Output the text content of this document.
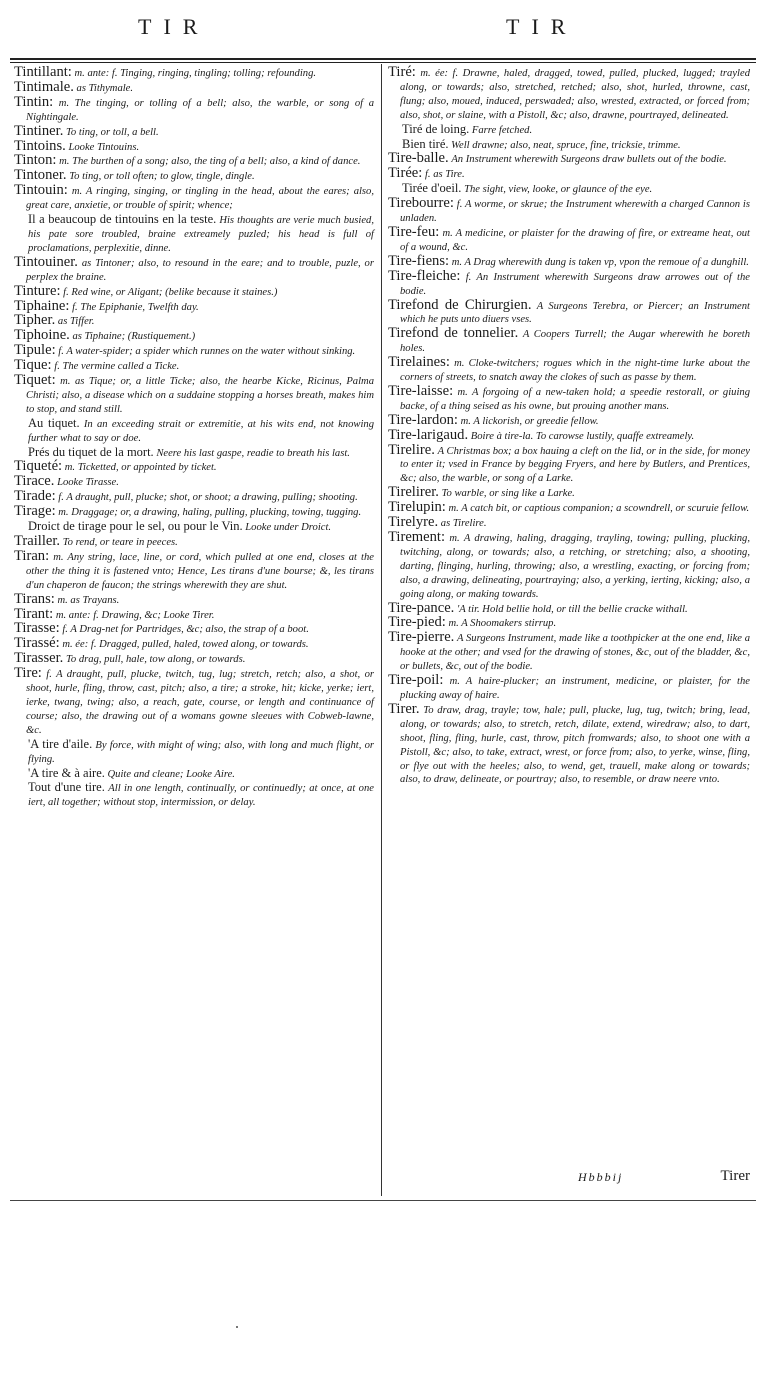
TIR	TIR

Tintillant: m. ante: f. Tinging, ringing, tingling; tolling; refounding.

Tintimale. as Tithymale.

Tintin: m. The tinging, or tolling of a bell; also, the warble, or song of a Nightingale.

Tintiner. To ting, or toll, a bell.

Tintoins. Looke Tintouins.

Tinton: m. The burthen of a song; also, the ting of a bell; also, a kind of dance.

Tintoner. To ting, or toll often; to glow, tingle, dingle.

Tintouin: m. A ringing, singing, or tingling in the head, about the eares; also, great care, anxietie, or trouble of spirit; whence;

Il a beaucoup de tintouins en la teste. His thoughts are verie much busied, his pate sore troubled, braine extreamely puzled; his head is full of proclamations, perplexitie, dinne.

Tintouiner. as Tintoner; also, to resound in the eare; and to trouble, puzle, or perplex the braine.

Tinture: f. Red wine, or Aligant; (belike because it staines.)

Tiphaine: f. The Epiphanie, Twelfth day.

Tipher. as Tiffer.

Tiphoine. as Tiphaine; (Rustiquement.)

Tipule: f. A water-spider; a spider which runnes on the water without sinking.

Tique: f. The vermine called a Ticke.

Tiquet: m. as Tique; or, a little Ticke; also, the hearbe Kicke, Ricinus, Palma Christi; also, a disease which on a suddaine stopping a horses breath, makes him to stop, and stand still.

Au tiquet. In an exceeding strait or extremitie, at his wits end, not knowing further what to say or doe.

Prés du tiquet de la mort. Neere his last gaspe, readie to breath his last.

Tiqueté: m. Ticketted, or appointed by ticket.

Tirace. Looke Tirasse.

Tirade: f. A draught, pull, plucke; shot, or shoot; a drawing, pulling; shooting.

Tirage: m. Draggage; or, a drawing, haling, pulling, plucking, towing, tugging.

Droict de tirage pour le sel, ou pour le Vin. Looke under Droict.

Trailler. To rend, or teare in peeces.

Tiran: m. Any string, lace, line, or cord, which pulled at one end, closes at the other the thing it is fastened vnto; Hence, Les tirans d'une bourse; &, les tirans d'un chaperon de faucon; the strings wherewith they are shut.

Tirans: m. as Trayans.

Tirant: m. ante: f. Drawing, &c; Looke Tirer.

Tirasse: f. A Drag-net for Partridges, &c; also, the strap of a boot.

Tirassé: m. ée: f. Dragged, pulled, haled, towed along, or towards.

Tirasser. To drag, pull, hale, tow along, or towards.

Tire: f. A draught, pull, plucke, twitch, tug, lug; stretch, retch; also, a shot, or shoot, hurle, fling, throw, cast, pitch; also, a tire; a stroke, hit; kicke, yerke; iert, ierke, twang, twing; also, a reach, gate, course, or length and continuance of course; also, the drawing out of a womans gowne sleeues with Cobweb-lawne, &c.

'A tire d'aile. By force, with might of wing; also, with long and much flight, or flying.

'A tire & à aire. Quite and cleane; Looke Aire.

Tout d'une tire. All in one length, continually, or continuedly; at once, at one iert, all together; without stop, intermission, or delay.

Tiré: m. ée: f. Drawne, haled, dragged, towed, pulled, plucked, lugged; trayled along, or towards; also, stretched, retched; also, shot, hurled, throwne, cast, flung; also, moued, induced, perswaded; also, wrested, extracted, or forced from; also, shot, or slaine, with a Pistoll, &c; also, drawne, pourtrayed, delineated.

Tiré de loing. Farre fetched.

Bien tiré. Well drawne; also, neat, spruce, fine, tricksie, trimme.

Tire-balle. An Instrument wherewith Surgeons draw bullets out of the bodie.

Tirée: f. as Tire.

Tirée d'oeil. The sight, view, looke, or glaunce of the eye.

Tirebourre: f. A worme, or skrue; the Instrument wherewith a charged Cannon is unladen.

Tire-feu: m. A medicine, or plaister for the drawing of fire, or extreame heat, out of a wound, &c.

Tire-fiens: m. A Drag wherewith dung is taken vp, vpon the remoue of a dunghill.

Tire-fleiche: f. An Instrument wherewith Surgeons draw arrowes out of the bodie.

Tirefond de Chirurgien. A Surgeons Terebra, or Piercer; an Instrument which he puts unto diuers vses.

Tirefond de tonnelier. A Coopers Turrell; the Augar wherewith he boreth holes.

Tirelaines: m. Cloke-twitchers; rogues which in the night-time lurke about the corners of streets, to snatch away the clokes of such as passe by them.

Tire-laisse: m. A forgoing of a new-taken hold; a speedie restorall, or giuing backe, of a thing seised as his owne, but prouing another mans.

Tire-lardon: m. A lickorish, or greedie fellow.

Tire-larigaud. Boire à tire-la. To carowse lustily, quaffe extreamely.

Tirelire. A Christmas box; a box hauing a cleft on the lid, or in the side, for money to enter it; vsed in France by begging Fryers, and here by Butlers, and Prentices, &c; also, the warble, or song of a Larke.

Tirelirer. To warble, or sing like a Larke.

Tirelupin: m. A catch bit, or captious companion; a scowndrell, or scuruie fellow.

Tirelyre. as Tirelire.

Tirement: m. A drawing, haling, dragging, trayling, towing; pulling, plucking, twitching, along, or towards; also, a retching, or stretching; also, a shooting, darting, flinging, hurling, throwing; also, a wrestling, exacting, or forcing from; also, a drawing, delineating, pourtraying; also, a yerking, ierting, kicking; also, a going along, or making towards.

Tire-pance. 'A tir. Hold bellie hold, or till the bellie cracke withall.

Tire-pied: m. A Shoomakers stirrup.

Tire-pierre. A Surgeons Instrument, made like a toothpicker at the one end, like a hooke at the other; and vsed for the drawing of stones, &c, out of the bladder, &c, or bullets, &c, out of the bodie.

Tire-poil: m. A haire-plucker; an instrument, medicine, or plaister, for the plucking away of haire.

Tirer. To draw, drag, trayle; tow, hale; pull, plucke, lug, tug, twitch; bring, lead, along, or towards; also, to stretch, retch, dilate, extend, wiredraw; also, to dart, shoot, fling, fling, hurle, cast, throw, pitch fromwards; also, to shoot one with a Pistoll, &c; also, to take, extract, wrest, or force from; also, to yerke, winse, fling, or flye out with the heeles; also, to wend, get, trauell, make along or towards; also, to draw, delineate, or pourtray; also, to resemble, or draw neere vnto.

Hbbbij	Tirer
